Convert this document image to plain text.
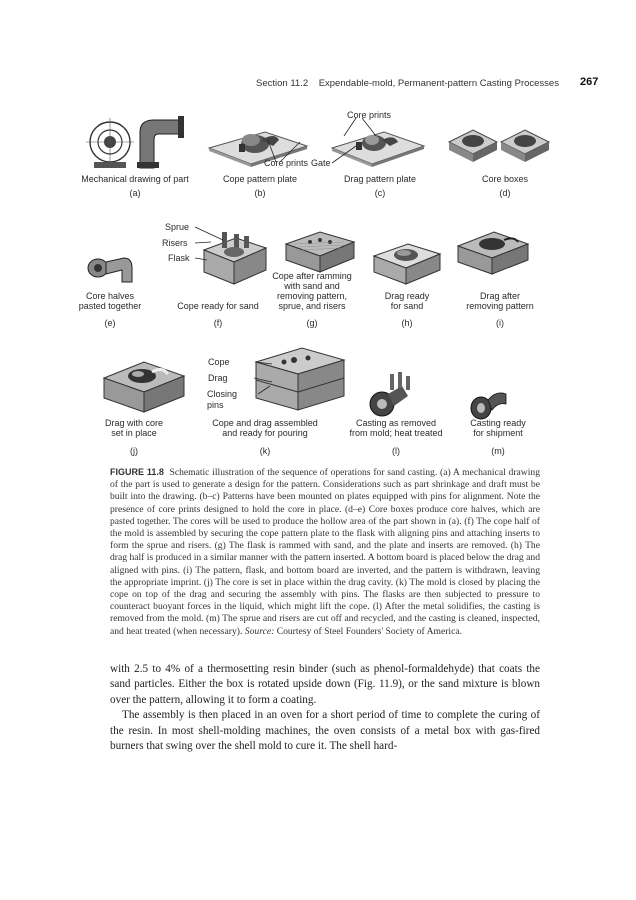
Section 11.2 Expendable-mold, Permanent-pattern Casting Processes 267
Core prints
Core prints Gate
Mechanical drawing of part	Cope pattern plate	Drag pattern plate	Core boxes
(a)	(b)	(c)	(d)
Sprue
Risers
Flask
Core halves
pasted together	Cope ready for sand
Cope after ramming
with sand and
removing pattern,
sprue, and risers
Drag ready
for sand
Drag after
removing pattern
(e)	(f)	(g)	(h)	(i)
Cope
Drag
Closing
pins
Drag with core
set in place
Cope and drag assembled
and ready for pouring
Casting as removed
from mold; heat treated
Casting ready
for shipment
(j)	(k)	(l)	(m)
FIGURE 11.8 Schematic illustration of the sequence of operations for sand casting. (a) A mechanical drawing of the part is used to generate a design for the pattern. Considerations such as part shrinkage and draft must be built into the drawing. (b–c) Patterns have been mounted on plates equipped with pins for alignment. Note the presence of core prints designed to hold the core in place. (d–e) Core boxes produce core halves, which are pasted together. The cores will be used to produce the hollow area of the part shown in (a). (f) The cope half of the mold is assembled by securing the cope pattern plate to the flask with aligning pins and attaching inserts to form the sprue and risers. (g) The flask is rammed with sand, and the plate and inserts are removed. (h) The drag half is produced in a similar manner with the pattern inserted. A bottom board is placed below the drag and aligned with pins. (i) The pattern, flask, and bottom board are inverted, and the pattern is withdrawn, leaving the appropriate imprint. (j) The core is set in place within the drag cavity. (k) The mold is closed by placing the cope on top of the drag and securing the assembly with pins. The flasks are then subjected to pressure to counteract buoyant forces in the liquid, which might lift the cope. (l) After the metal solidifies, the casting is removed from the mold. (m) The sprue and risers are cut off and recycled, and the casting is cleaned, inspected, and heat treated (when necessary). Source: Courtesy of Steel Founders' Society of America.

with 2.5 to 4% of a thermosetting resin binder (such as phenol-formaldehyde) that coats the sand particles. Either the box is rotated upside down (Fig. 11.9), or the sand mixture is blown over the pattern, allowing it to form a coating.

The assembly is then placed in an oven for a short period of time to complete the curing of the resin. In most shell-molding machines, the oven consists of a metal box with gas-fired burners that swing over the shell mold to cure it. The shell hard-
